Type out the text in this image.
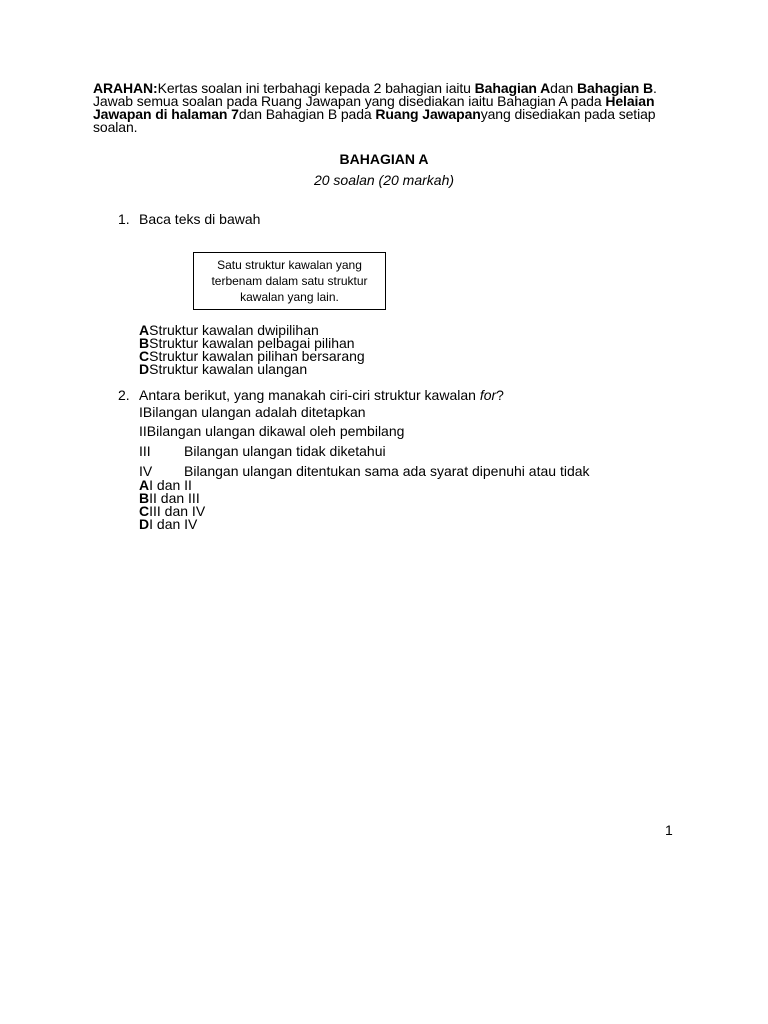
ARAHAN:Kertas soalan ini terbahagi kepada 2 bahagian iaitu Bahagian Adan Bahagian B. Jawab semua soalan pada Ruang Jawapan yang disediakan iaitu Bahagian A pada Helaian Jawapan di halaman 7dan Bahagian B pada Ruang Jawapanyang disediakan pada setiap soalan.
BAHAGIAN A
20 soalan (20 markah)
1. Baca teks di bawah
Satu struktur kawalan yang terbenam dalam satu struktur kawalan yang lain.
AStruktur kawalan dwipilihan
BStruktur kawalan pelbagai pilihan
CStruktur kawalan pilihan bersarang
DStruktur kawalan ulangan
2. Antara berikut, yang manakah ciri-ciri struktur kawalan for?
IBilangan ulangan adalah ditetapkan
IIBilangan ulangan dikawal oleh pembilang
III Bilangan ulangan tidak diketahui
IV Bilangan ulangan ditentukan sama ada syarat dipenuhi atau tidak
AI dan II
BII dan III
CIII dan IV
DI dan IV
1
